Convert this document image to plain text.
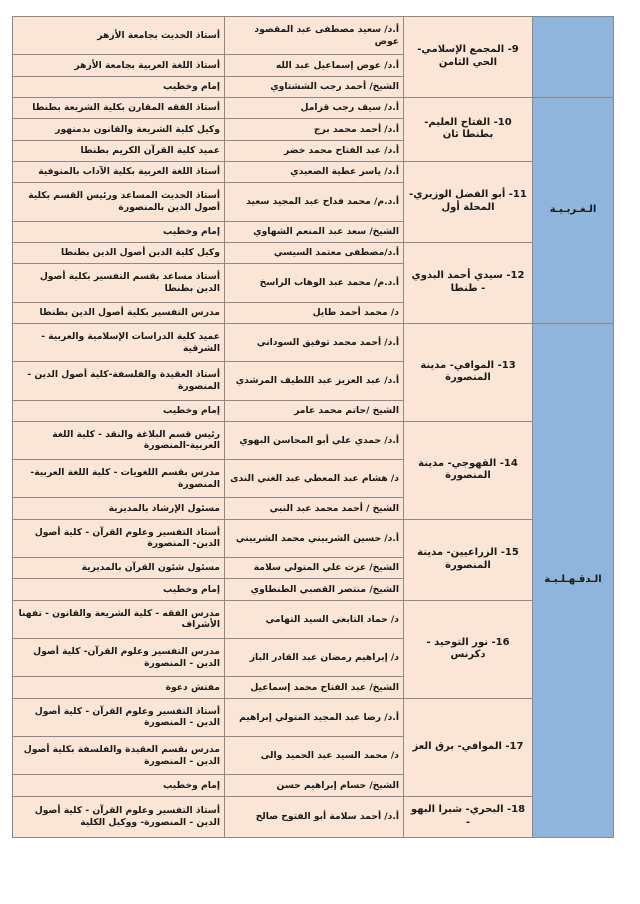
	9- المجمع الإسلامي- الحي الثامن	أ.د/ سعيد مصطفى عبد المقصود عوض	أستاذ الحديث بجامعة الأزهر
		أ.د/ عوض إسماعيل عبد الله	أستاذ اللغة العربية بجامعة الأزهر
		الشيخ/ أحمد رجب الششتاوي	إمام وخطيب
الـغـربـيـة	10- الفتاح العليم- بطنطا ثان	أ.د/ سيف رجب قزامل	أستاذ الفقه المقارن بكلية الشريعة بطنطا
		أ.د/ أحمد محمد برج	وكيل كلية الشريعة والقانون بدمنهور
		أ.د/ عبد الفتاح محمد خضر	عميد كلية القرآن الكريم بطنطا
	11- أبو الفضل الوزيري- المحلة أول	أ.د/ ياسر عطية الصعيدي	أستاذ اللغة العربية بكلية الآداب بالمنوفية
		أ.د.م/ محمد فداح عبد المجيد سعيد	أستاذ الحديث المساعد ورئيس القسم بكلية أصول الدين بالمنصورة
		الشيخ/ سعد عبد المنعم الشهاوي	إمام وخطيب
	12- سيدي أحمد البدوي - طنطا	أ.د/مصطفى معتمد السيسي	وكيل كلية الدين أصول الدين بطنطا
		أ.د.م/ محمد عبد الوهاب الراسخ	أستاذ مساعد بقسم التفسير بكلية أصول الدين بطنطا
		د/ محمد أحمد طايل	مدرس التفسير بكلية أصول الدين بطنطا
الـدقـهـلـيـة	13- الموافي- مدينة المنصورة	أ.د/ أحمد محمد توفيق السوداني	عميد كلية الدراسات الإسلامية والعربية - الشرقية
		أ.د/ عبد العزيز عبد اللطيف المرشدي	أستاذ العقيدة والفلسفة-كلية أصول الدين - المنصورة
		الشيخ /حاتم محمد عامر	إمام وخطيب
	14- القهوجي- مدينة المنصورة	أ.د/ حمدي علي أبو المحاسن البهوي	رئيس قسم البلاغة والنقد - كلية اللغة العربية-المنصورة
		د/ هشام عبد المعطي عبد الغني الندى	مدرس بقسم اللغويات - كلية اللغة العربية- المنصورة
		الشيخ / أحمد محمد عبد النبي	مسئول الإرشاد بالمديرية
	15- الزراعيين- مدينة المنصورة	أ.د/ حسين الشربيني محمد الشربيني	أستاذ التفسير وعلوم القرآن - كلية أصول الدين- المنصورة
		الشيخ/ عزت علي المتولي سلامة	مسئول شئون القرآن بالمديرية
		الشيخ/ منتصر القصبي الطنطاوي	إمام وخطيب
	16- نور التوحيد - دكرنس	د/ حماد التابعي السيد التهامي	مدرس الفقه - كلية الشريعة والقانون - تفهنا الأشراف
		د/ إبراهيم رمضان عبد القادر الباز	مدرس التفسير وعلوم القرآن- كلية أصول الدين - المنصورة
		الشيخ/ عبد الفتاح محمد إسماعيل	مفتش دعوة
	17- الموافي- برق العز	أ.د/ رضا عبد المجيد المتولي إبراهيم	أستاذ التفسير وعلوم القرآن - كلية أصول الدين - المنصورة
		د/ محمد السيد عبد الحميد والى	مدرس بقسم العقيدة والفلسفة بكلية أصول الدين - المنصورة
		الشيخ/ حسام إبراهيم حسن	إمام وخطيب
	18- البحري- شبرا البهو -	أ.د/ أحمد سلامة أبو الفتوح صالح	أستاذ التفسير وعلوم القرآن - كلية أصول الدين - المنصورة- ووكيل الكلية
